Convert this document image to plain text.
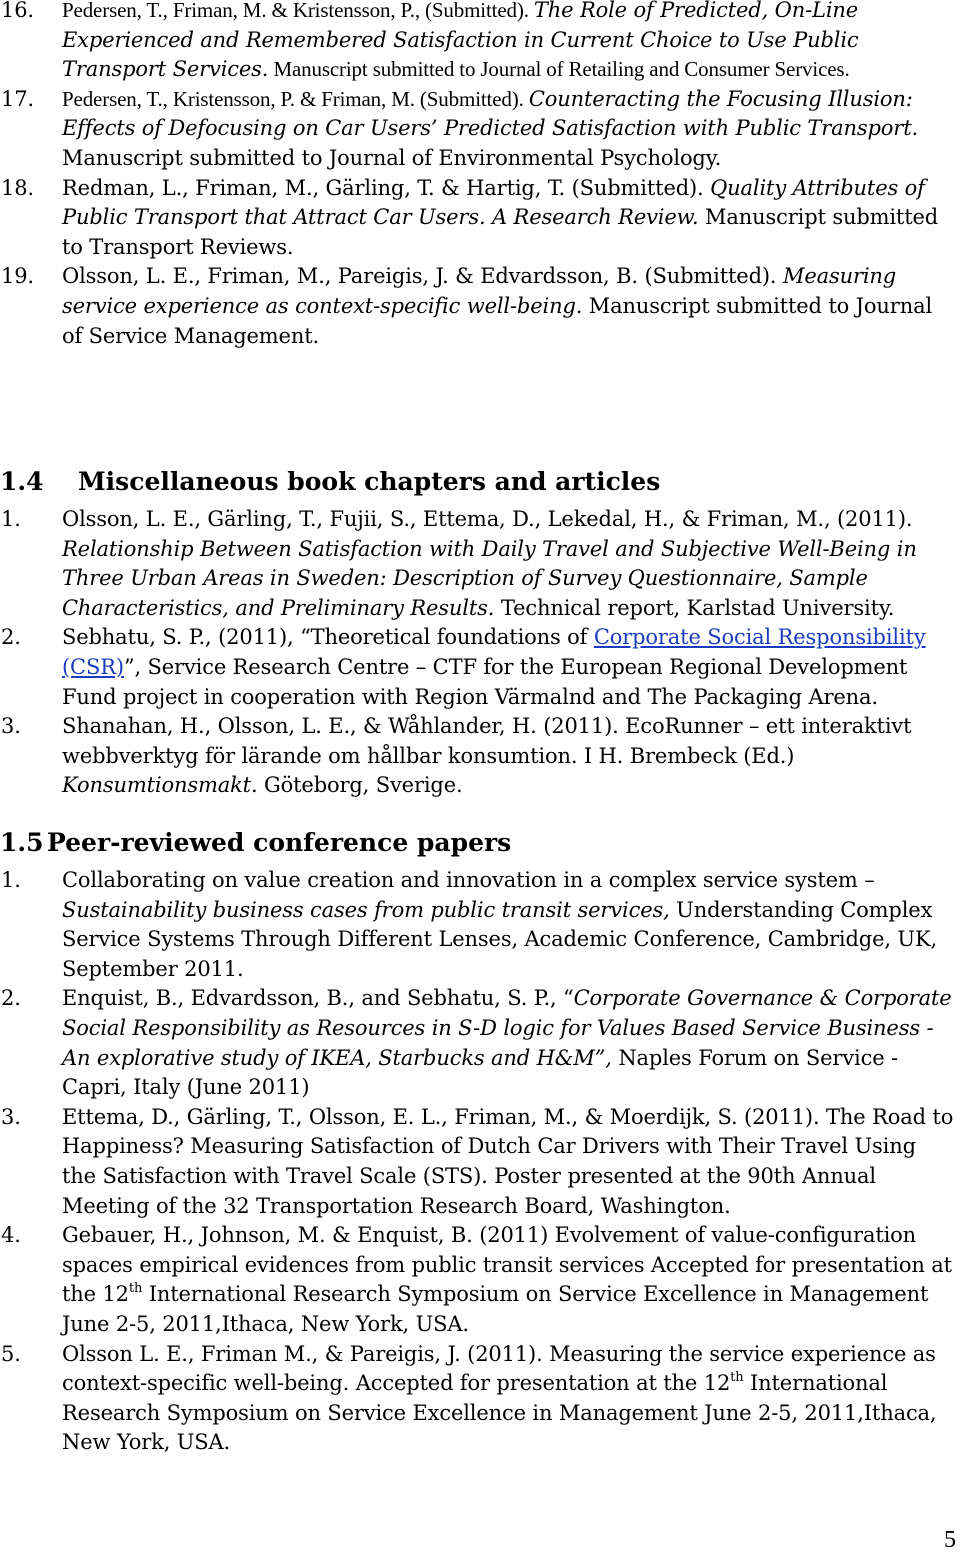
16.	Pedersen, T., Friman, M. & Kristensson, P., (Submitted). The Role of Predicted, On-Line Experienced and Remembered Satisfaction in Current Choice to Use Public Transport Services. Manuscript submitted to Journal of Retailing and Consumer Services.
17.	Pedersen, T., Kristensson, P. & Friman, M. (Submitted). Counteracting the Focusing Illusion: Effects of Defocusing on Car Users’ Predicted Satisfaction with Public Transport. Manuscript submitted to Journal of Environmental Psychology.
18.	Redman, L., Friman, M., Gärling, T. & Hartig, T. (Submitted). Quality Attributes of Public Transport that Attract Car Users. A Research Review. Manuscript submitted to Transport Reviews.
19.	Olsson, L. E., Friman, M., Pareigis, J. & Edvardsson, B. (Submitted). Measuring service experience as context-specific well-being. Manuscript submitted to Journal of Service Management.
1.4 Miscellaneous book chapters and articles
1.	Olsson, L. E., Gärling, T., Fujii, S., Ettema, D., Lekedal, H., & Friman, M., (2011). Relationship Between Satisfaction with Daily Travel and Subjective Well-Being in Three Urban Areas in Sweden: Description of Survey Questionnaire, Sample Characteristics, and Preliminary Results. Technical report, Karlstad University.
2.	Sebhatu, S. P., (2011), “Theoretical foundations of Corporate Social Responsibility (CSR)”, Service Research Centre – CTF for the European Regional Development Fund project in cooperation with Region Värmalnd and The Packaging Arena.
3.	Shanahan, H., Olsson, L. E., & Wåhlander, H. (2011). EcoRunner – ett interaktivt webbverktyg för lärande om hållbar konsumtion. I H. Brembeck (Ed.) Konsumtionsmakt. Göteborg, Sverige.
1.5 Peer-reviewed conference papers
1.	Collaborating on value creation and innovation in a complex service system – Sustainability business cases from public transit services, Understanding Complex Service Systems Through Different Lenses, Academic Conference, Cambridge, UK, September 2011.
2.	Enquist, B., Edvardsson, B., and Sebhatu, S. P., “Corporate Governance & Corporate Social Responsibility as Resources in S-D logic for Values Based Service Business - An explorative study of IKEA, Starbucks and H&M”, Naples Forum on Service - Capri, Italy (June 2011)
3.	Ettema, D., Gärling, T., Olsson, E. L., Friman, M., & Moerdijk, S. (2011). The Road to Happiness? Measuring Satisfaction of Dutch Car Drivers with Their Travel Using the Satisfaction with Travel Scale (STS). Poster presented at the 90th Annual Meeting of the 32 Transportation Research Board, Washington.
4.	Gebauer, H., Johnson, M. & Enquist, B. (2011) Evolvement of value-configuration spaces empirical evidences from public transit services Accepted for presentation at the 12th International Research Symposium on Service Excellence in Management June 2-5, 2011,Ithaca, New York, USA.
5.	Olsson L. E., Friman M., & Pareigis, J. (2011). Measuring the service experience as context-specific well-being. Accepted for presentation at the 12th International Research Symposium on Service Excellence in Management June 2-5, 2011,Ithaca, New York, USA.
5
